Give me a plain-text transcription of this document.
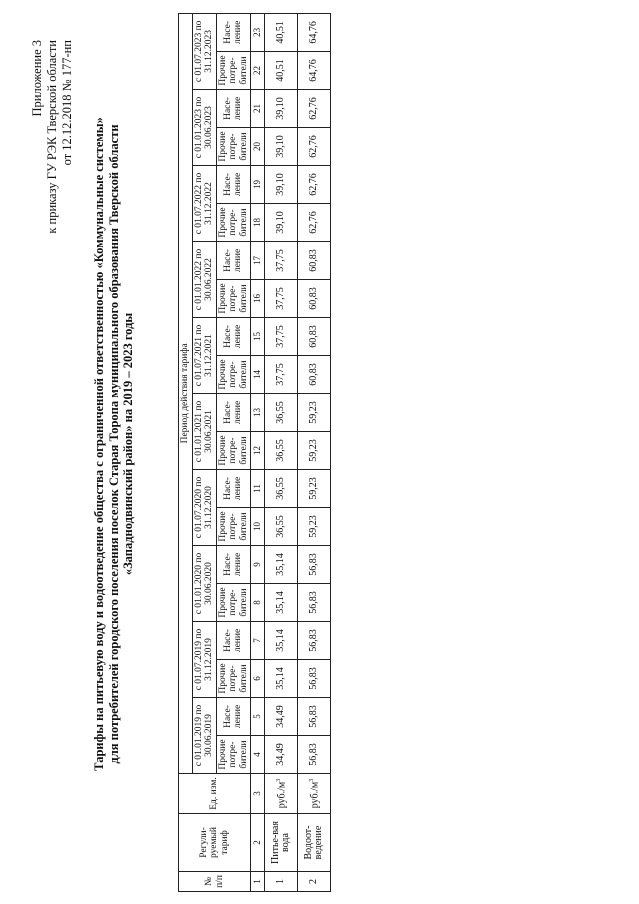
Приложение 3 к приказу ГУ РЭК Тверской области от 12.12.2018 № 177-нп
Тарифы на питьевую воду и водоотведение общества с ограниченной ответственностью «Коммунальные системы» для потребителей городского поселения поселок Старая Торопа муниципального образования Тверской области «Западнодвинский район» на 2019 – 2023 годы
№ п/п	Регули-руемый тариф	Ед. изм.	Период действия тарифа																			
			с 01.01.2019 по 30.06.2019		с 01.07.2019 по 31.12.2019		с 01.01.2020 по 30.06.2020		с 01.07.2020 по 31.12.2020		с 01.01.2021 по 30.06.2021		с 01.07.2021 по 31.12.2021		с 01.01.2022 по 30.06.2022		с 01.07.2022 по 31.12.2022		с 01.01.2023 по 30.06.2023		с 01.07.2023 по 31.12.2023	
			Прочие потре-бители	Насе-ление	Прочие потре-бители	Насе-ление	Прочие потре-бители	Насе-ление	Прочие потре-бители	Насе-ление	Прочие потре-бители	Насе-ление	Прочие потре-бители	Насе-ление	Прочие потре-бители	Насе-ление	Прочие потре-бители	Насе-ление	Прочие потре-бители	Насе-ление	Прочие потре-бители	Насе-ление
1	2	3	4	5	6	7	8	9	10	11	12	13	14	15	16	17	18	19	20	21	22	23
1	Питье-вая вода	$руб./м^3$	34,49	34,49	35,14	35,14	35,14	35,14	36,55	36,55	36,55	36,55	37,75	37,75	37,75	37,75	39,10	39,10	39,10	39,10	40,51	40,51
2	Водоот-ведение	$руб./м^3$	56,83	56,83	56,83	56,83	56,83	56,83	59,23	59,23	59,23	59,23	60,83	60,83	60,83	60,83	62,76	62,76	62,76	62,76	64,76	64,76
